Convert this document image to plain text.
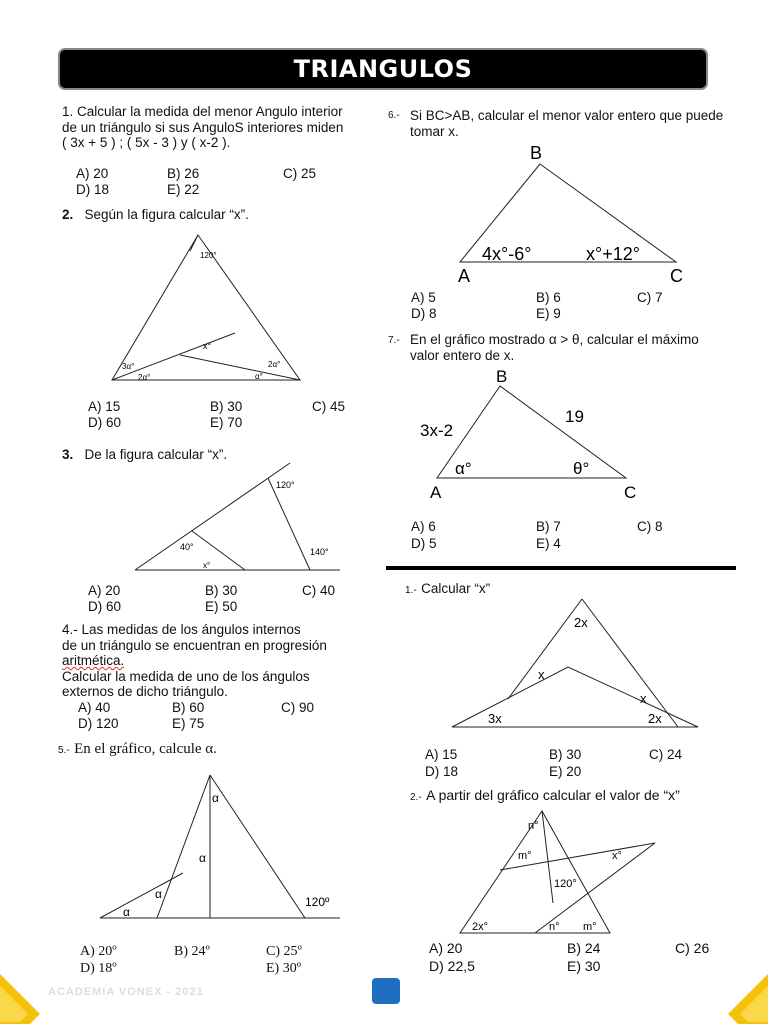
TRIANGULOS
1. Calcular la medida del menor Angulo interior
de un triángulo si sus AnguloS interiores miden
( 3x + 5 ) ; ( 5x - 3 ) y ( x-2 ).
A) 20	B) 26	C) 25
D) 18	E) 22
2. Según la figura calcular “x”.
120°
x°
3α°
2α°
2α°
α°
A) 15	B) 30	C) 45
D) 60	E) 70
3. De la figura calcular “x”.
120°
40°	140°
x°
A) 20	B) 30	C) 40
D) 60	E) 50
4.- Las medidas de los ángulos internos
de un triángulo se encuentran en progresión
aritmética.
Calcular la medida de uno de los ángulos
externos de dicho triángulo.
A) 40	B) 60	C) 90
D) 120	E) 75
5.- En el gráfico, calcule α.
α
α
α
α
120º
A) 20º	B) 24º	C) 25º
D) 18º	E) 30º
6.- Si BC>AB, calcular el menor valor entero que puede
tomar x.
B
A	C
4x°-6°	x°+12°
A) 5	B) 6	C) 7
D) 8	E) 9
7.- En el gráfico mostrado α > θ, calcular el máximo
valor entero de x.
B
3x-2
19
α°	θ°
A	C
A) 6	B) 7	C) 8
D) 5	E) 4
1.- Calcular “x”
2x
x
x
3x	2x
A) 15	B) 30	C) 24
D) 18	E) 20
2.- A partir del gráfico calcular el valor de “x”
n°
m°	x°
120°
2x°	n° m°
A) 20	B) 24	C) 26
D) 22,5	E) 30
ACADEMIA VONEX - 2021
